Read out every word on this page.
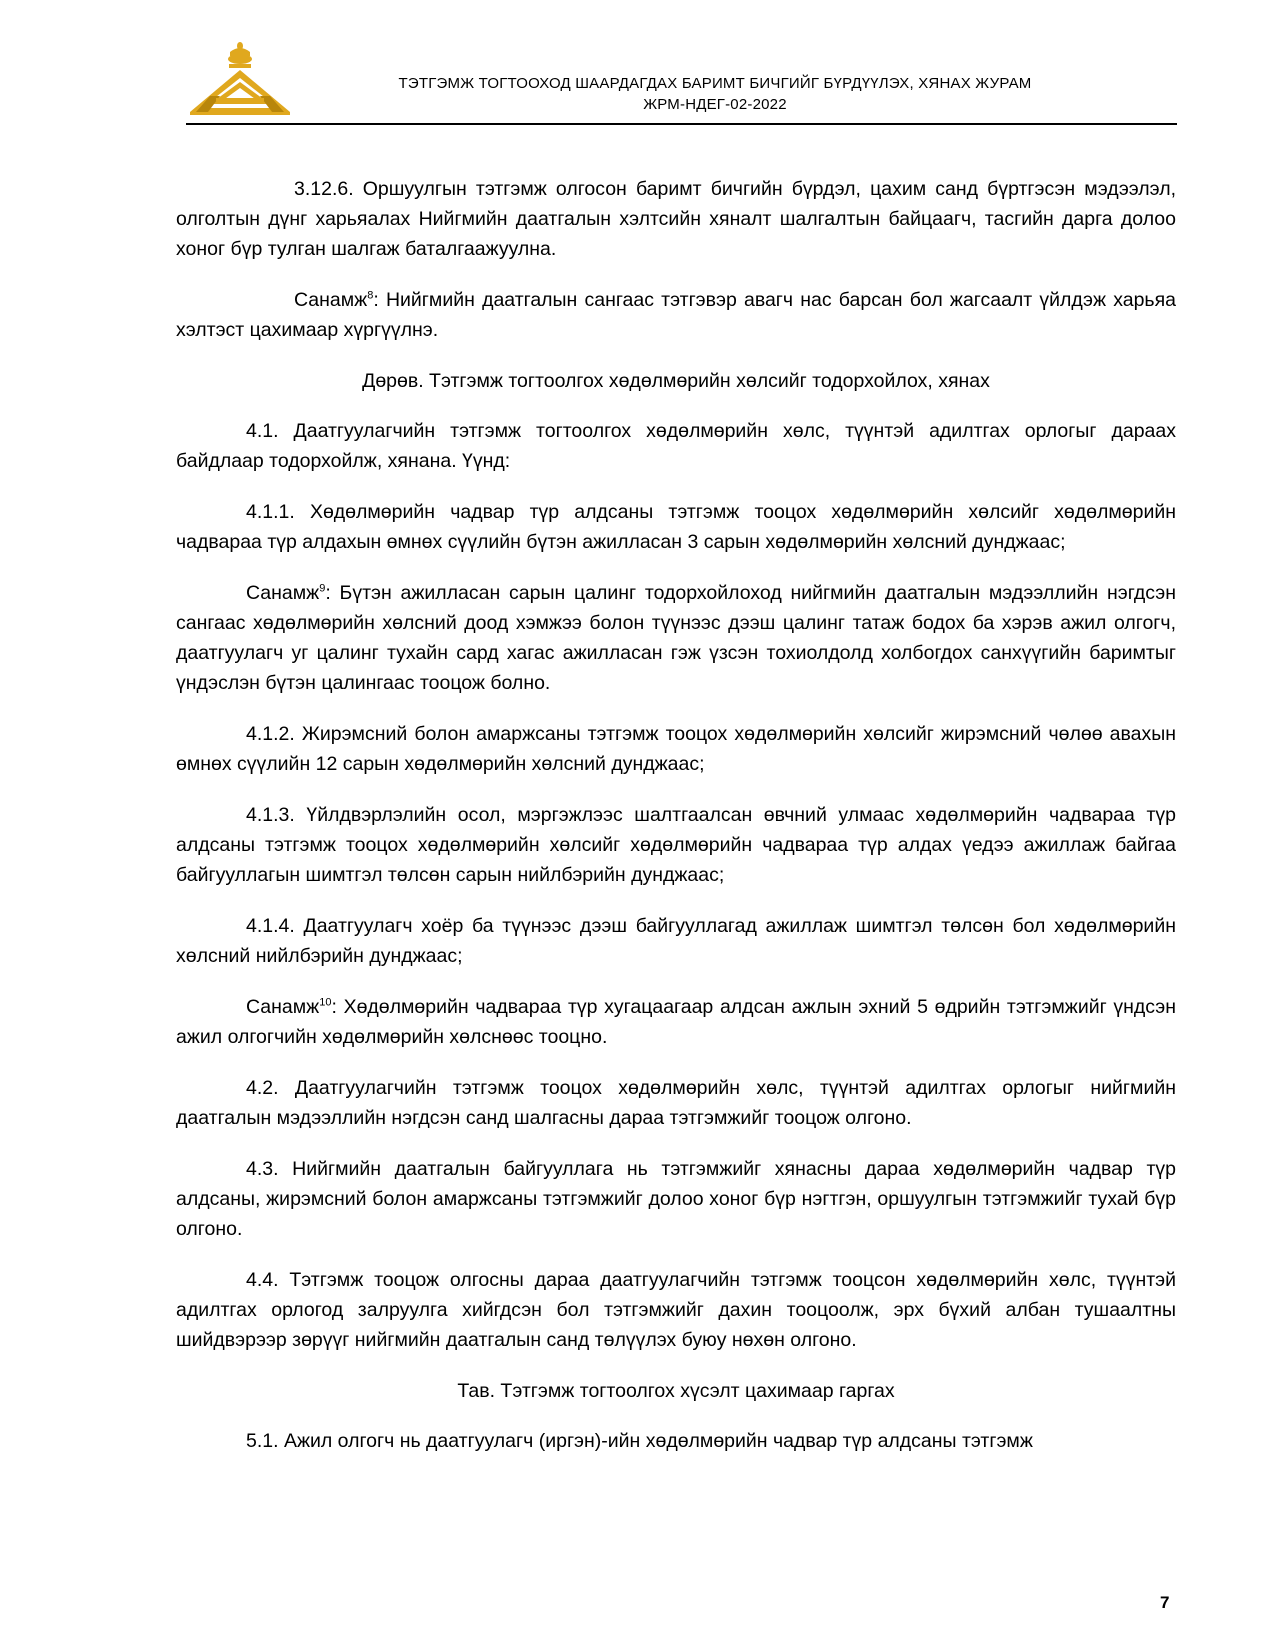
ТЭТГЭМЖ ТОГТООХОД ШААРДАГДАХ БАРИМТ БИЧГИЙГ БҮРДҮҮЛЭХ, ХЯНАХ ЖУРАМ
ЖРМ-НДЕГ-02-2022

3.12.6. Оршуулгын тэтгэмж олгосон баримт бичгийн бүрдэл, цахим санд бүртгэсэн мэдээлэл, олголтын дүнг харьяалах Нийгмийн даатгалын хэлтсийн хяналт шалгалтын байцаагч, тасгийн дарга долоо хоног бүр тулган шалгаж баталгаажуулна.

Санамж$^8$: Нийгмийн даатгалын сангаас тэтгэвэр авагч нас барсан бол жагсаалт үйлдэж харьяа хэлтэст цахимаар хүргүүлнэ.

Дөрөв. Тэтгэмж тогтоолгох хөдөлмөрийн хөлсийг тодорхойлох, хянах

4.1. Даатгуулагчийн тэтгэмж тогтоолгох хөдөлмөрийн хөлс, түүнтэй адилтгах орлогыг дараах байдлаар тодорхойлж, хянана. Үүнд:

4.1.1. Хөдөлмөрийн чадвар түр алдсаны тэтгэмж тооцох хөдөлмөрийн хөлсийг хөдөлмөрийн чадвараа түр алдахын өмнөх сүүлийн бүтэн ажилласан 3 сарын хөдөлмөрийн хөлсний дунджаас;

Санамж$^9$: Бүтэн ажилласан сарын цалинг тодорхойлоход нийгмийн даатгалын мэдээллийн нэгдсэн сангаас хөдөлмөрийн хөлсний доод хэмжээ болон түүнээс дээш цалинг татаж бодох ба хэрэв ажил олгогч, даатгуулагч уг цалинг тухайн сард хагас ажилласан гэж үзсэн тохиолдолд холбогдох санхүүгийн баримтыг үндэслэн бүтэн цалингаас тооцож болно.

4.1.2. Жирэмсний болон амаржсаны тэтгэмж тооцох хөдөлмөрийн хөлсийг жирэмсний чөлөө авахын өмнөх сүүлийн 12 сарын хөдөлмөрийн хөлсний дунджаас;

4.1.3. Үйлдвэрлэлийн осол, мэргэжлээс шалтгаалсан өвчний улмаас хөдөлмөрийн чадвараа түр алдсаны тэтгэмж тооцох хөдөлмөрийн хөлсийг хөдөлмөрийн чадвараа түр алдах үедээ ажиллаж байгаа байгууллагын шимтгэл төлсөн сарын нийлбэрийн дунджаас;

4.1.4. Даатгуулагч хоёр ба түүнээс дээш байгууллагад ажиллаж шимтгэл төлсөн бол хөдөлмөрийн хөлсний нийлбэрийн дунджаас;

Санамж$^{10}$: Хөдөлмөрийн чадвараа түр хугацаагаар алдсан ажлын эхний 5 өдрийн тэтгэмжийг үндсэн ажил олгогчийн хөдөлмөрийн хөлснөөс тооцно.

4.2. Даатгуулагчийн тэтгэмж тооцох хөдөлмөрийн хөлс, түүнтэй адилтгах орлогыг нийгмийн даатгалын мэдээллийн нэгдсэн санд шалгасны дараа тэтгэмжийг тооцож олгоно.

4.3. Нийгмийн даатгалын байгууллага нь тэтгэмжийг хянасны дараа хөдөлмөрийн чадвар түр алдсаны, жирэмсний болон амаржсаны тэтгэмжийг долоо хоног бүр нэгтгэн, оршуулгын тэтгэмжийг тухай бүр олгоно.

4.4. Тэтгэмж тооцож олгосны дараа даатгуулагчийн тэтгэмж тооцсон хөдөлмөрийн хөлс, түүнтэй адилтгах орлогод залруулга хийгдсэн бол тэтгэмжийг дахин тооцоолж, эрх бүхий албан тушаалтны шийдвэрээр зөрүүг нийгмийн даатгалын санд төлүүлэх буюу нөхөн олгоно.

Тав. Тэтгэмж тогтоолгох хүсэлт цахимаар гаргах

5.1. Ажил олгогч нь даатгуулагч (иргэн)-ийн хөдөлмөрийн чадвар түр алдсаны тэтгэмж

7
